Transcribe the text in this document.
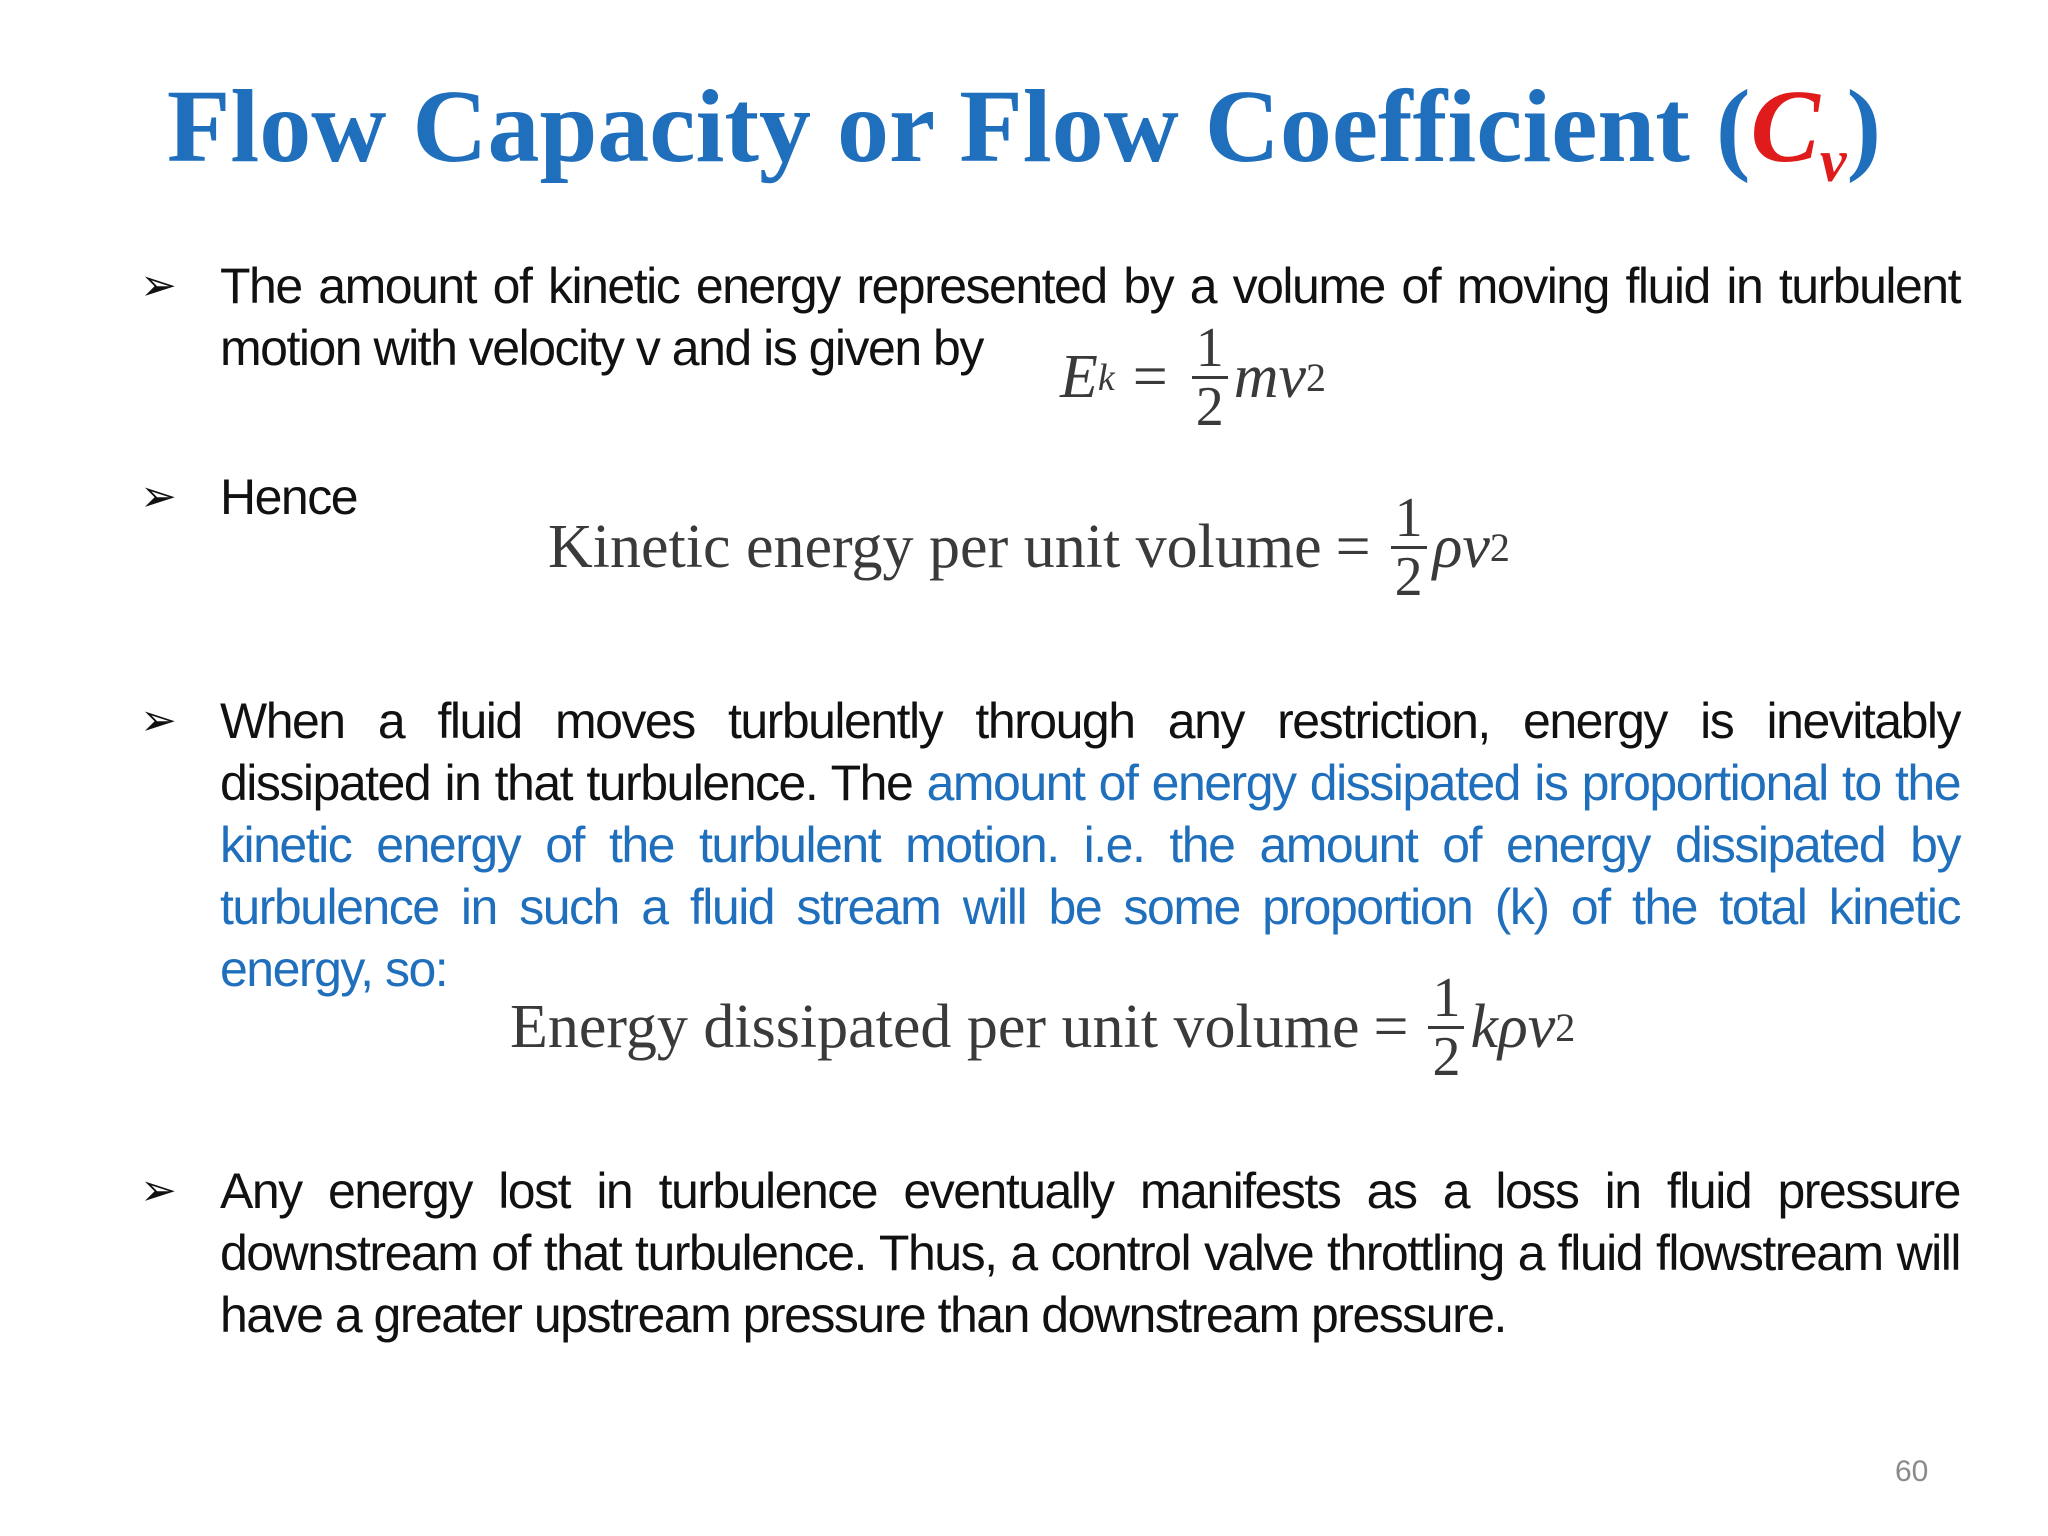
Flow Capacity or Flow Coefficient $(C_v)$
➢ The amount of kinetic energy represented by a volume of moving fluid in turbulent motion with velocity v and is given by	E $k = \frac{1}{2}$ mv 2
➢ Hence
Kinetic energy per unit volume = $\frac{1}{2}$ ρv 2
➢ When a fluid moves turbulently through any restriction, energy is inevitably dissipated in that turbulence. The amount of energy dissipated is proportional to the kinetic energy of the turbulent motion. i.e. the amount of energy dissipated by turbulence in such a fluid stream will be some proportion (k) of the total kinetic energy, so:
Energy dissipated per unit volume = $\frac{1}{2}$ kρv 2
➢ Any energy lost in turbulence eventually manifests as a loss in fluid pressure downstream of that turbulence. Thus, a control valve throttling a fluid flowstream will have a greater upstream pressure than downstream pressure.
60
